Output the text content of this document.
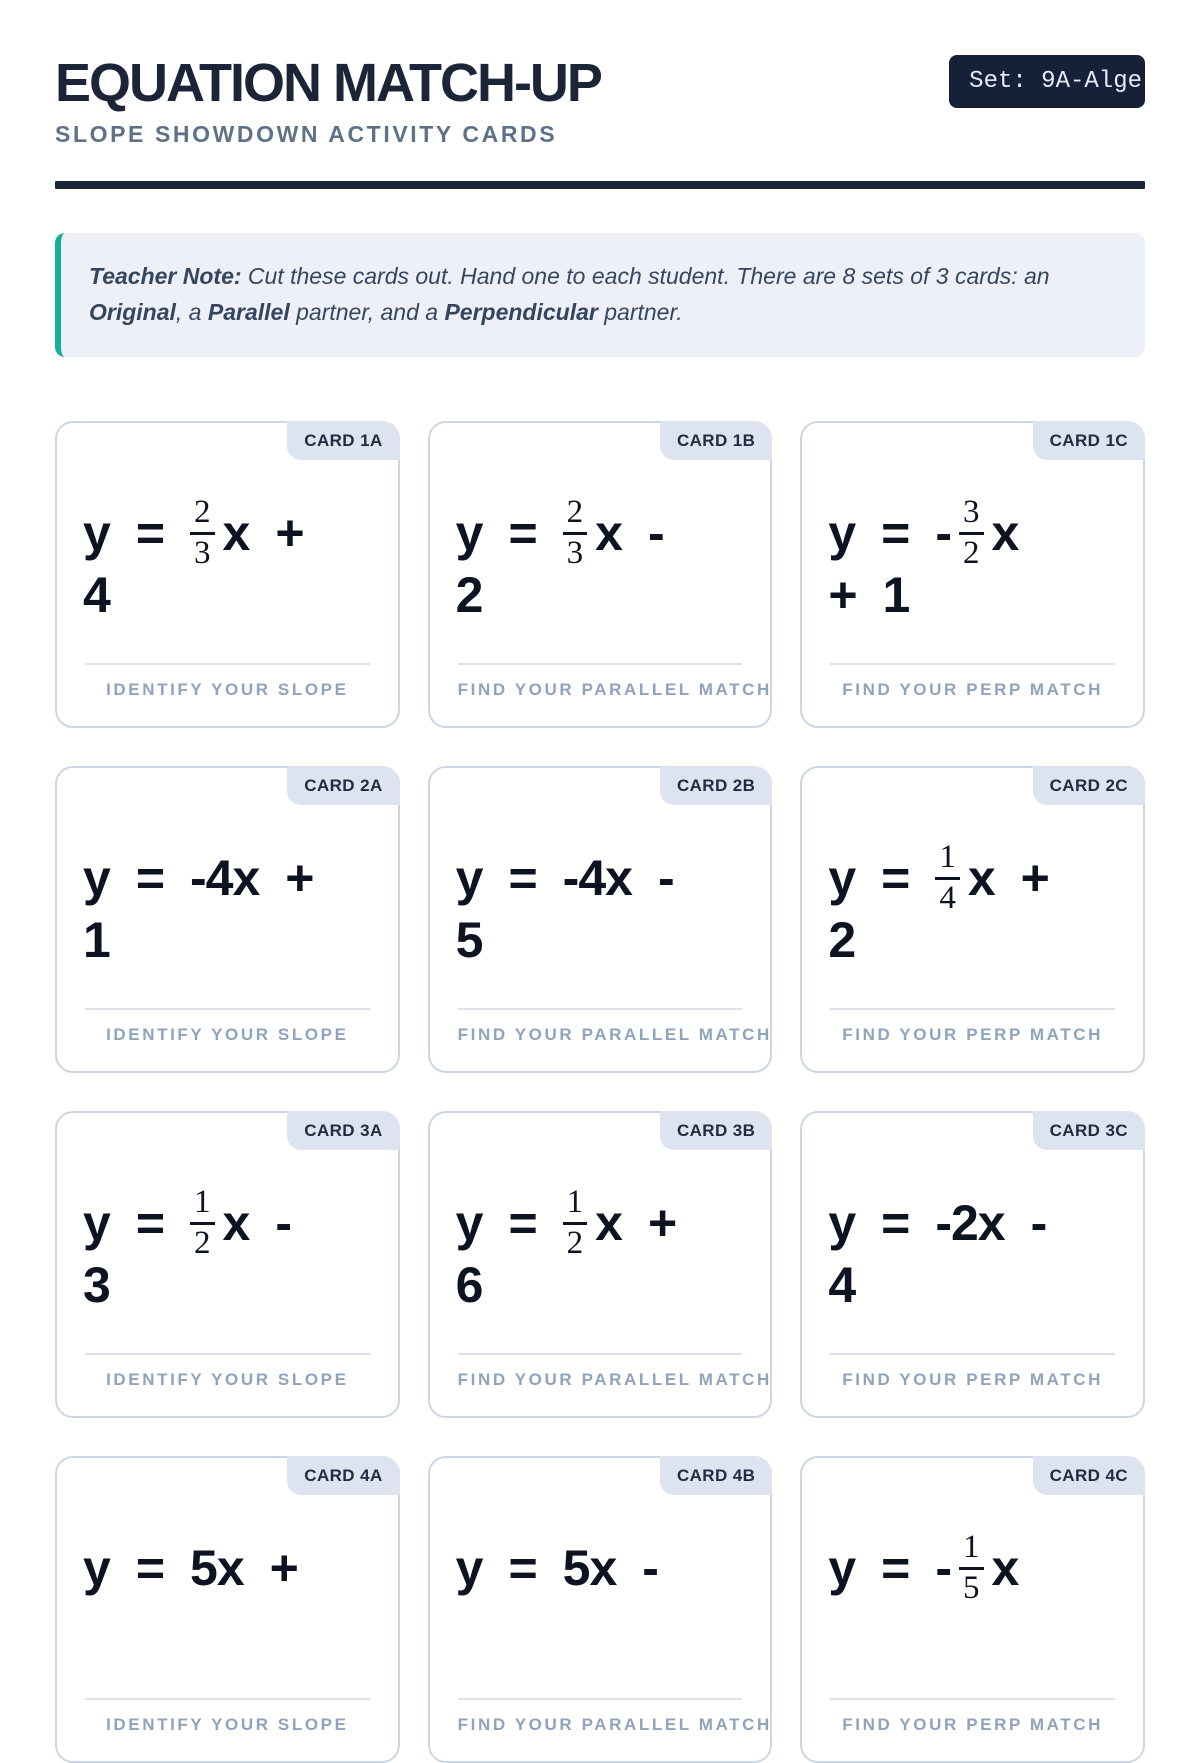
EQUATION MATCH-UP
SLOPE SHOWDOWN ACTIVITY CARDS
Set: 9A-Alge

Teacher Note: Cut these cards out. Hand one to each student. There are 8 sets of 3 cards: an
Original, a Parallel partner, and a Perpendicular partner.

CARD 1A
$y = \frac{2}{3}$ x +
4
IDENTIFY YOUR SLOPE
CARD 1B
$y = \frac{2}{3}$ x -
2
FIND YOUR PARALLEL MATCH
CARD 1C
y = - $\frac{3}{2}$ x
+ 1
FIND YOUR PERP MATCH
CARD 2A
y = -4x +
1
IDENTIFY YOUR SLOPE
CARD 2B
y = -4x -
5
FIND YOUR PARALLEL MATCH
CARD 2C
$y = \frac{1}{4}$ x +
2
FIND YOUR PERP MATCH
CARD 3A
$y = \frac{1}{2}$ x -
3
IDENTIFY YOUR SLOPE
CARD 3B
$y = \frac{1}{2}$ x +
6
FIND YOUR PARALLEL MATCH
CARD 3C
y = -2x -
4
FIND YOUR PERP MATCH
CARD 4A
y = 5x +
IDENTIFY YOUR SLOPE
CARD 4B
y = 5x -
FIND YOUR PARALLEL MATCH
CARD 4C
y = - $\frac{1}{5}$ x
FIND YOUR PERP MATCH
